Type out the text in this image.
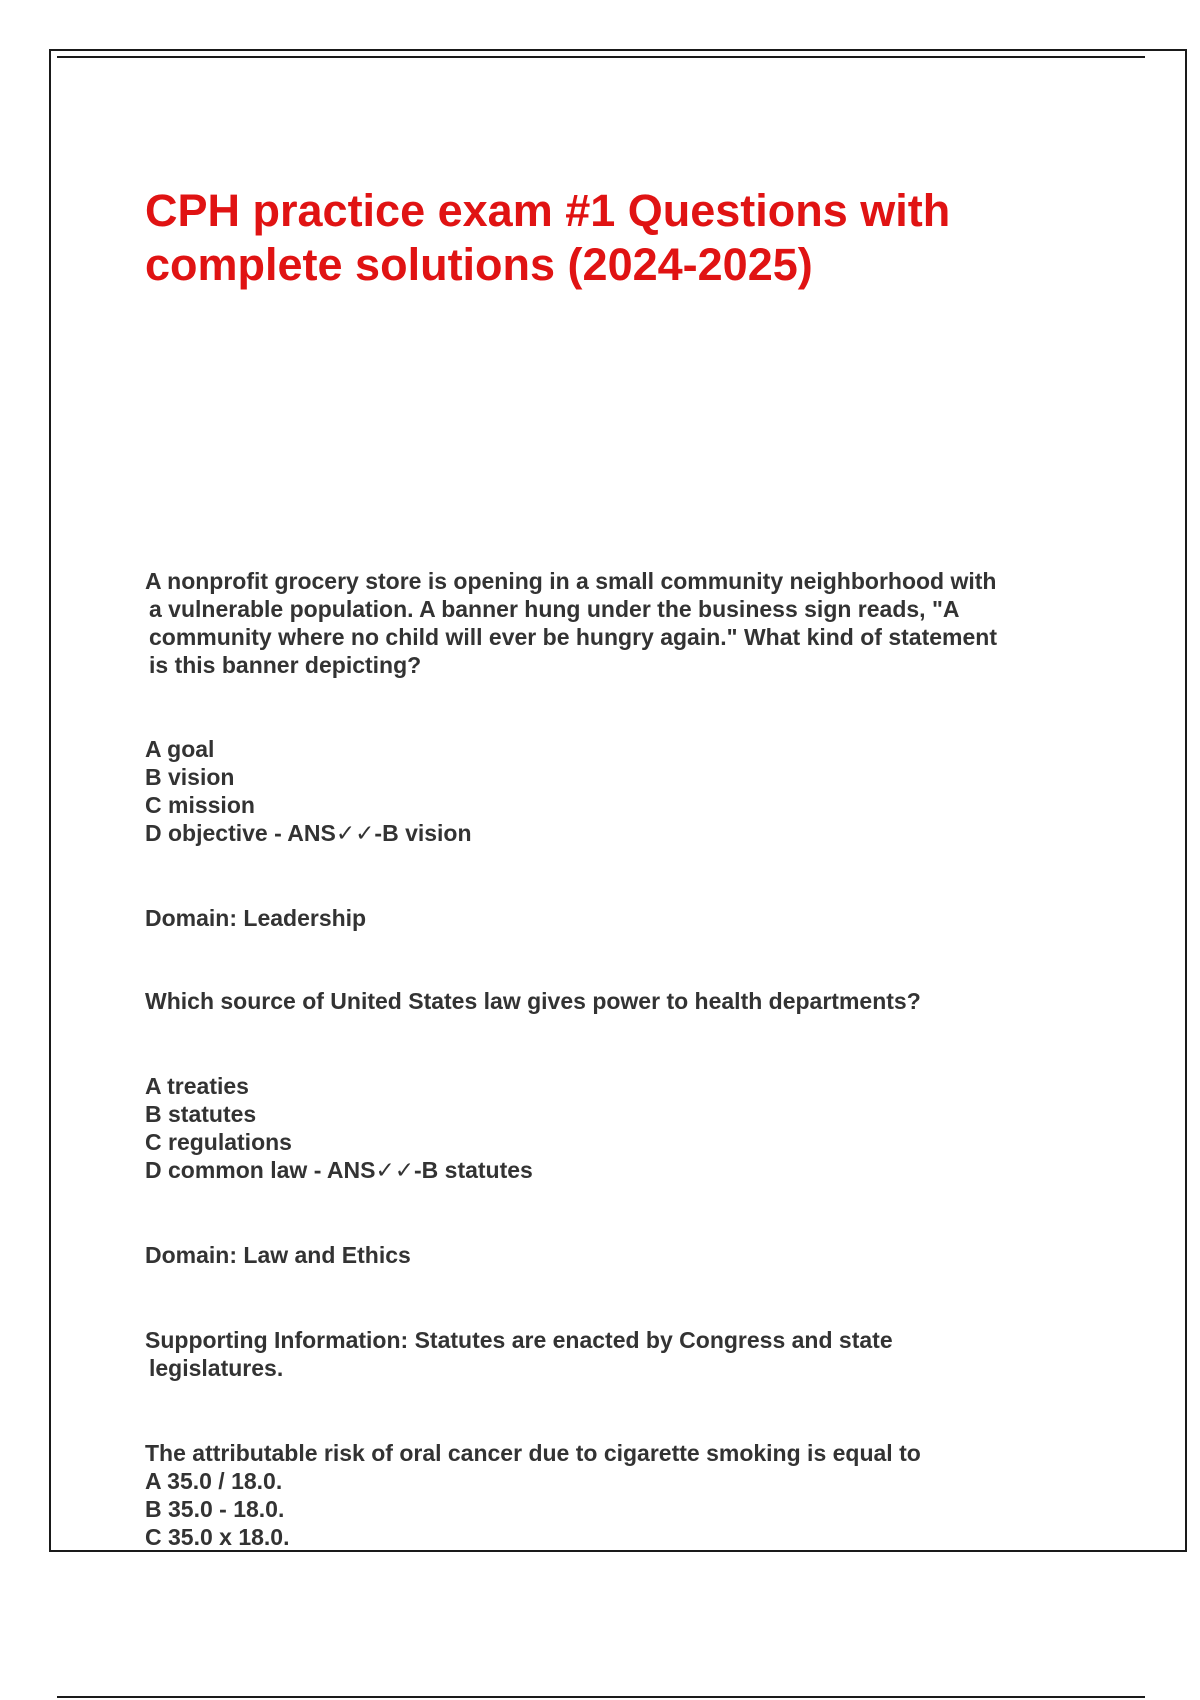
CPH practice exam #1 Questions with
complete solutions (2024-2025)

A nonprofit grocery store is opening in a small community neighborhood with

a vulnerable population. A banner hung under the business sign reads, "A

community where no child will ever be hungry again." What kind of statement

is this banner depicting?

A goal

B vision

C mission

D objective - ANS✓✓-B vision

Domain: Leadership

Which source of United States law gives power to health departments?

A treaties

B statutes

C regulations

D common law - ANS✓✓-B statutes

Domain: Law and Ethics

Supporting Information: Statutes are enacted by Congress and state

legislatures.

The attributable risk of oral cancer due to cigarette smoking is equal to

A 35.0 / 18.0.

B 35.0 - 18.0.

C 35.0 x 18.0.
